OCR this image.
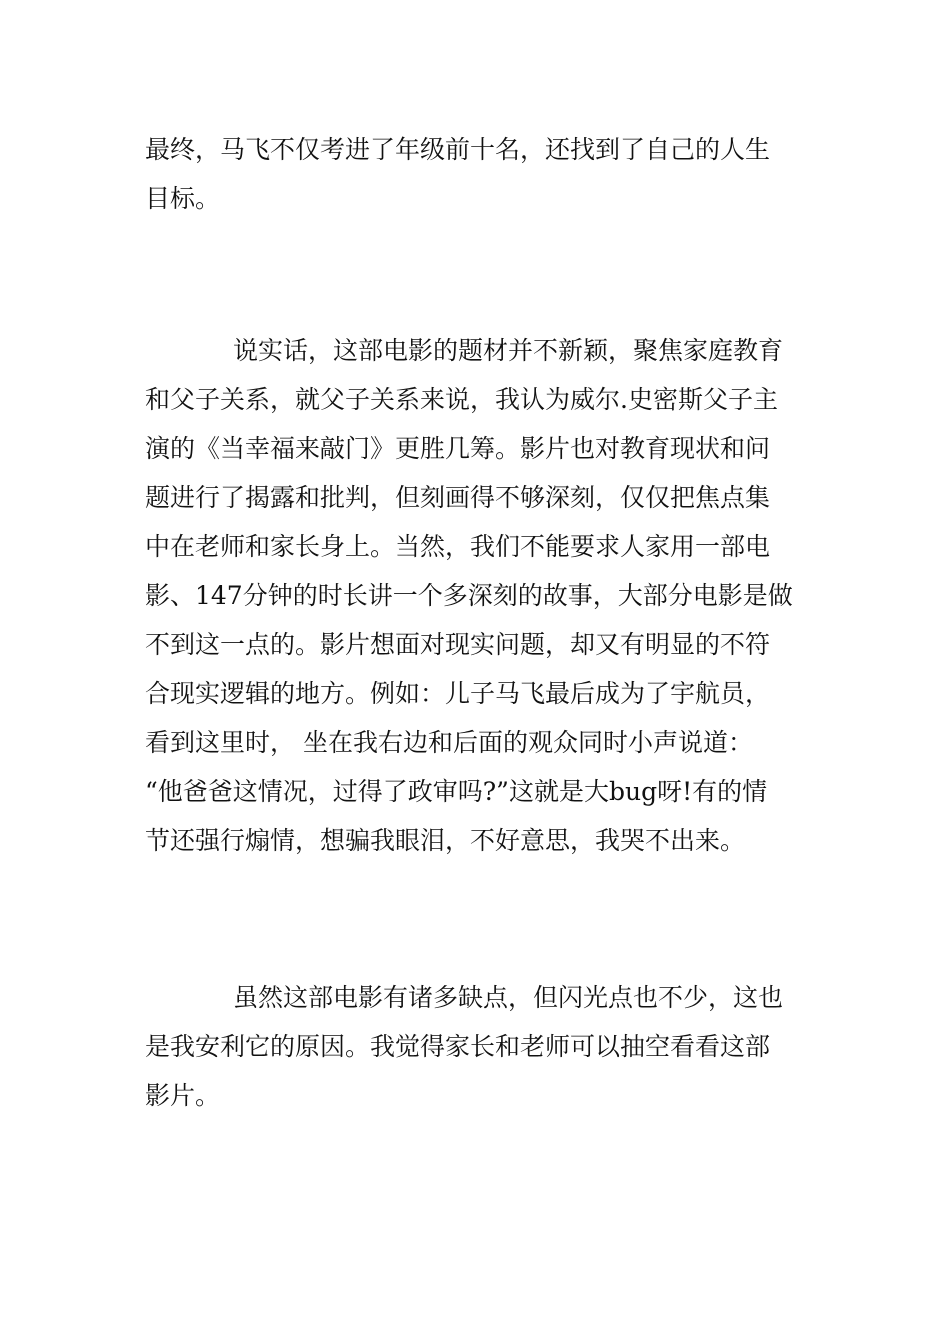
最终，马飞不仅考进了年级前十名，还找到了自己的人生
目标。
说实话，这部电影的题材并不新颖，聚焦家庭教育
和父子关系，就父子关系来说，我认为威尔.史密斯父子主
演的《当幸福来敲门》更胜几筹。影片也对教育现状和问
题进行了揭露和批判，但刻画得不够深刻，仅仅把焦点集
中在老师和家长身上。当然，我们不能要求人家用一部电
影、147分钟的时长讲一个多深刻的故事，大部分电影是做
不到这一点的。影片想面对现实问题，却又有明显的不符
合现实逻辑的地方。例如：儿子马飞最后成为了宇航员，
看到这里时， 坐在我右边和后面的观众同时小声说道：
“他爸爸这情况，过得了政审吗?”这就是大bug呀!有的情
节还强行煽情，想骗我眼泪，不好意思，我哭不出来。
虽然这部电影有诸多缺点，但闪光点也不少，这也
是我安利它的原因。我觉得家长和老师可以抽空看看这部
影片。
